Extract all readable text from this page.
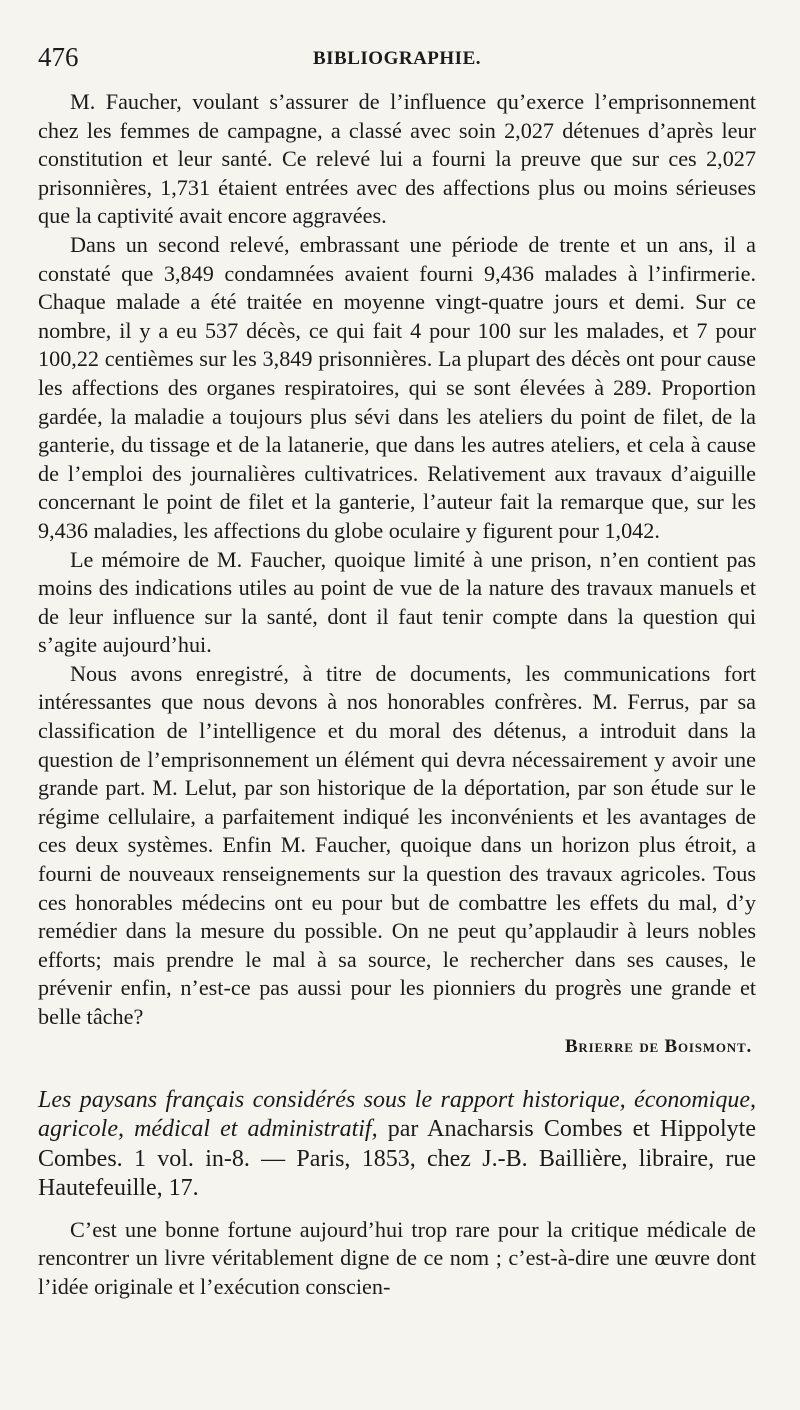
476	BIBLIOGRAPHIE.

M. Faucher, voulant s’assurer de l’influence qu’exerce l’emprisonnement chez les femmes de campagne, a classé avec soin 2,027 détenues d’après leur constitution et leur santé. Ce relevé lui a fourni la preuve que sur ces 2,027 prisonnières, 1,731 étaient entrées avec des affections plus ou moins sérieuses que la captivité avait encore aggravées.

Dans un second relevé, embrassant une période de trente et un ans, il a constaté que 3,849 condamnées avaient fourni 9,436 malades à l’infirmerie. Chaque malade a été traitée en moyenne vingt-quatre jours et demi. Sur ce nombre, il y a eu 537 décès, ce qui fait 4 pour 100 sur les malades, et 7 pour 100,22 centièmes sur les 3,849 prisonnières. La plupart des décès ont pour cause les affections des organes respiratoires, qui se sont élevées à 289. Proportion gardée, la maladie a toujours plus sévi dans les ateliers du point de filet, de la ganterie, du tissage et de la latanerie, que dans les autres ateliers, et cela à cause de l’emploi des journalières cultivatrices. Relativement aux travaux d’aiguille concernant le point de filet et la ganterie, l’auteur fait la remarque que, sur les 9,436 maladies, les affections du globe oculaire y figurent pour 1,042.

Le mémoire de M. Faucher, quoique limité à une prison, n’en contient pas moins des indications utiles au point de vue de la nature des travaux manuels et de leur influence sur la santé, dont il faut tenir compte dans la question qui s’agite aujourd’hui.

Nous avons enregistré, à titre de documents, les communications fort intéressantes que nous devons à nos honorables confrères. M. Ferrus, par sa classification de l’intelligence et du moral des détenus, a introduit dans la question de l’emprisonnement un élément qui devra nécessairement y avoir une grande part. M. Lelut, par son historique de la déportation, par son étude sur le régime cellulaire, a parfaitement indiqué les inconvénients et les avantages de ces deux systèmes. Enfin M. Faucher, quoique dans un horizon plus étroit, a fourni de nouveaux renseignements sur la question des travaux agricoles. Tous ces honorables médecins ont eu pour but de combattre les effets du mal, d’y remédier dans la mesure du possible. On ne peut qu’applaudir à leurs nobles efforts; mais prendre le mal à sa source, le rechercher dans ses causes, le prévenir enfin, n’est-ce pas aussi pour les pionniers du progrès une grande et belle tâche?

Brierre de Boismont.
Les paysans français considérés sous le rapport historique, économique, agricole, médical et administratif, par Anacharsis Combes et Hippolyte Combes. 1 vol. in-8. — Paris, 1853, chez J.-B. Baillière, libraire, rue Hautefeuille, 17.

C’est une bonne fortune aujourd’hui trop rare pour la critique médicale de rencontrer un livre véritablement digne de ce nom ; c’est-à-dire une œuvre dont l’idée originale et l’exécution conscien-
